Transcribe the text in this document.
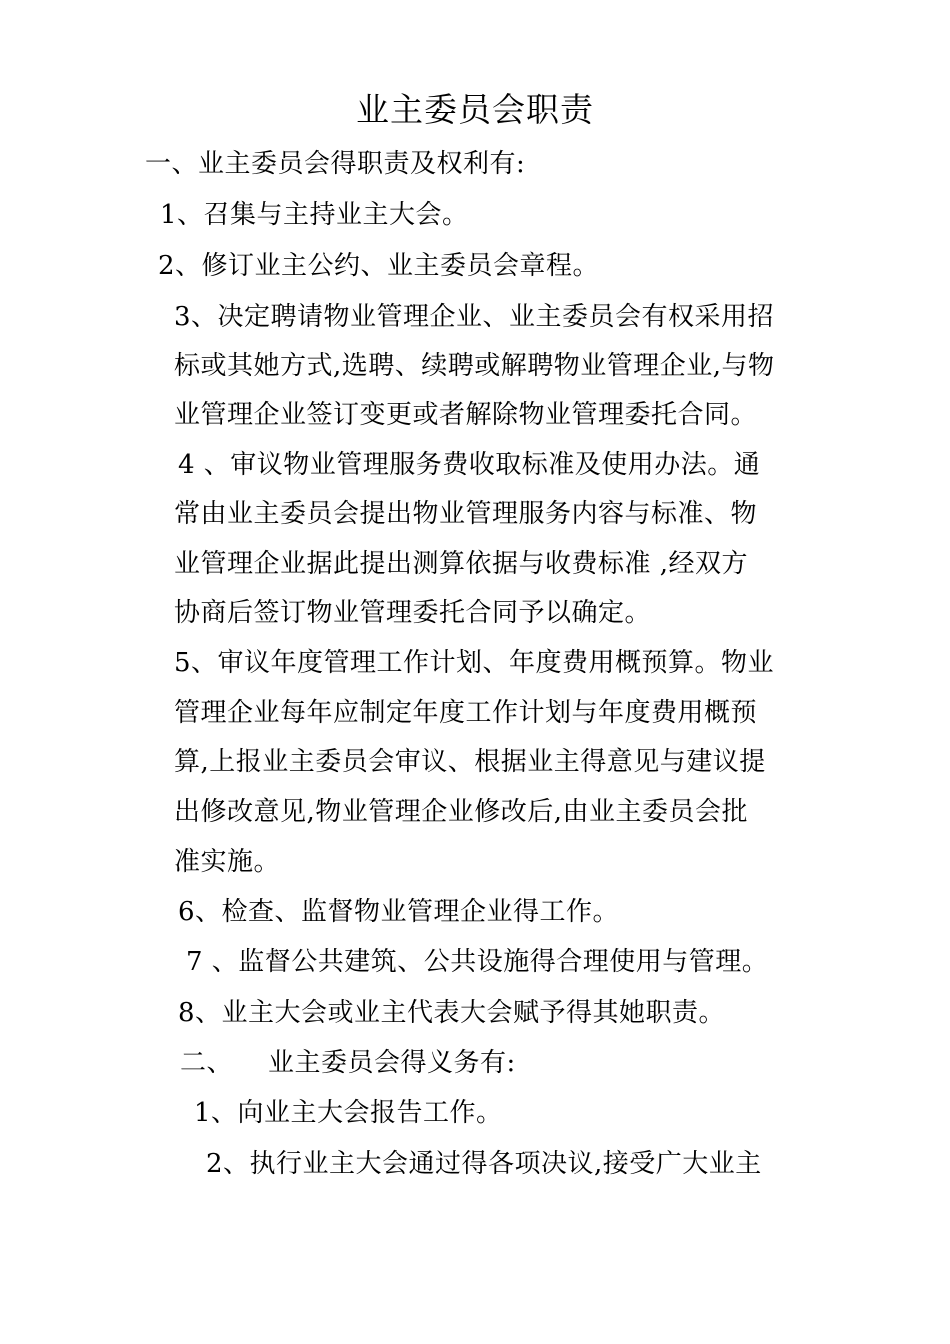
业主委员会职责
一、业主委员会得职责及权利有:
1、召集与主持业主大会。
2、修订业主公约、业主委员会章程。
3、决定聘请物业管理企业、业主委员会有权采用招
标或其她方式,选聘、续聘或解聘物业管理企业,与物
业管理企业签订变更或者解除物业管理委托合同。
4 、审议物业管理服务费收取标准及使用办法。通
常由业主委员会提出物业管理服务内容与标准、物
业管理企业据此提出测算依据与收费标准 ,经双方
协商后签订物业管理委托合同予以确定。
5、审议年度管理工作计划、年度费用概预算。物业
管理企业每年应制定年度工作计划与年度费用概预
算,上报业主委员会审议、根据业主得意见与建议提
出修改意见,物业管理企业修改后,由业主委员会批
准实施。
6、检查、监督物业管理企业得工作。
7 、监督公共建筑、公共设施得合理使用与管理。
8、业主大会或业主代表大会赋予得其她职责。
二、    业主委员会得义务有:
1、向业主大会报告工作。
2、执行业主大会通过得各项决议,接受广大业主
